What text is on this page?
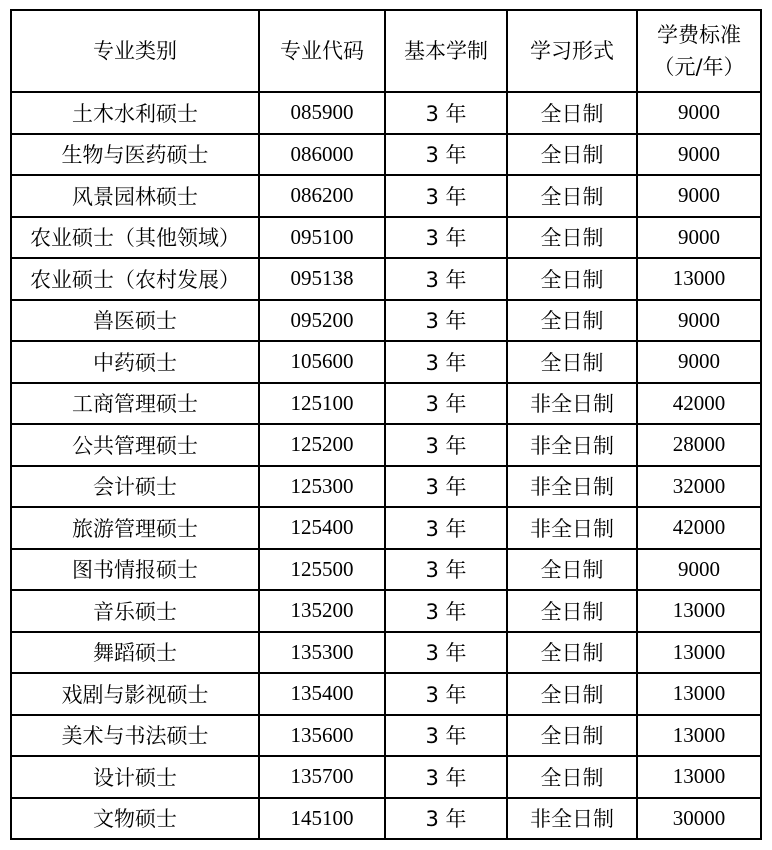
专业类别	专业代码	基本学制	学习形式	学费标准
（元/年）

土木水利硕士	085900	3 年	全日制	9000
生物与医药硕士	086000	3 年	全日制	9000
风景园林硕士	086200	3 年	全日制	9000
农业硕士（其他领域）	095100	3 年	全日制	9000
农业硕士（农村发展）	095138	3 年	全日制	13000
兽医硕士	095200	3 年	全日制	9000
中药硕士	105600	3 年	全日制	9000
工商管理硕士	125100	3 年	非全日制	42000
公共管理硕士	125200	3 年	非全日制	28000
会计硕士	125300	3 年	非全日制	32000
旅游管理硕士	125400	3 年	非全日制	42000
图书情报硕士	125500	3 年	全日制	9000
音乐硕士	135200	3 年	全日制	13000
舞蹈硕士	135300	3 年	全日制	13000
戏剧与影视硕士	135400	3 年	全日制	13000
美术与书法硕士	135600	3 年	全日制	13000
设计硕士	135700	3 年	全日制	13000
文物硕士	145100	3 年	非全日制	30000
